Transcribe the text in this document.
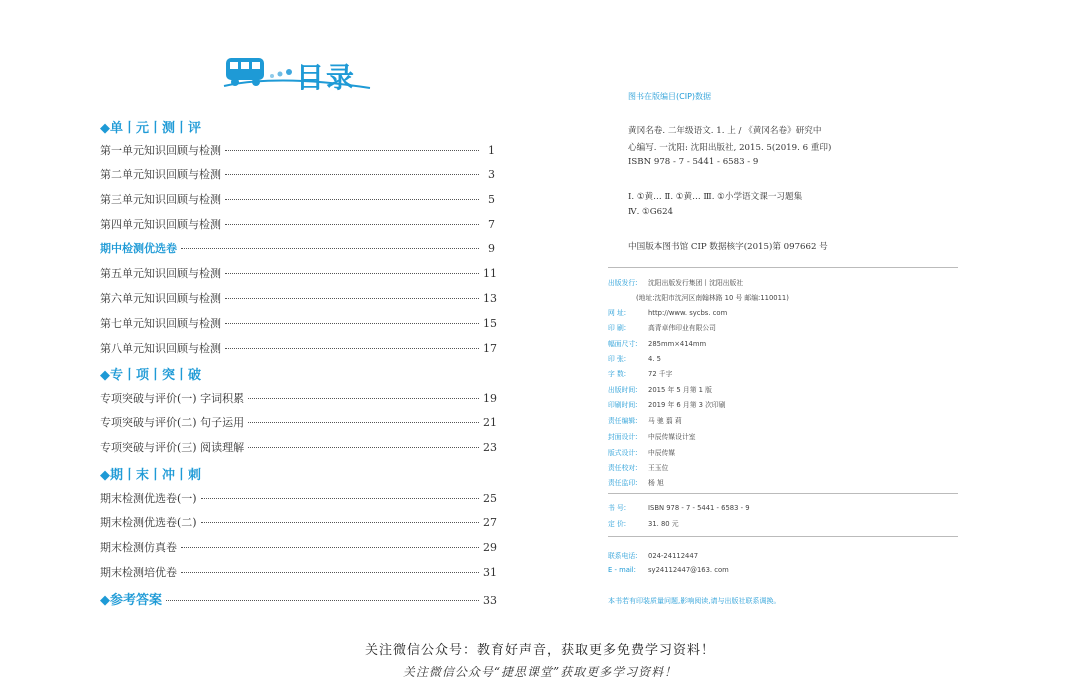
目录
◆单丨元丨测丨评
第一单元知识回顾与检测	1
第二单元知识回顾与检测	3
第三单元知识回顾与检测	5
第四单元知识回顾与检测	7
期中检测优选卷	9
第五单元知识回顾与检测	11
第六单元知识回顾与检测	13
第七单元知识回顾与检测	15
第八单元知识回顾与检测	17
◆专丨项丨突丨破
专项突破与评价(一) 字词积累	19
专项突破与评价(二) 句子运用	21
专项突破与评价(三) 阅读理解	23
◆期丨末丨冲丨刺
期末检测优选卷(一)	25
期末检测优选卷(二)	27
期末检测仿真卷	29
期末检测培优卷	31
◆参考答案	33
图书在版编目(CIP)数据
黄冈名卷. 二年级语文. 1. 上 / 《黄冈名卷》研究中
心编写. 一沈阳: 沈阳出版社, 2015. 5(2019. 6 重印)
ISBN 978 - 7 - 5441 - 6583 - 9
Ⅰ. ①黄… Ⅱ. ①黄… Ⅲ. ①小学语文课一习题集
Ⅳ. ①G624
中国版本图书馆 CIP 数据核字(2015)第 097662 号
出版发行: 沈阳出版发行集团丨沈阳出版社
(地址:沈阳市沈河区南翰林路 10 号 邮编:110011)
网 址:	http://www. sycbs. com
印 刷:	高青卓伟印业有限公司
幅面尺寸: 285mm×414mm
印 张:	4. 5
字 数:	72 千字
出版时间: 2015 年 5 月第 1 版
印刷时间: 2019 年 6 月第 3 次印刷
责任编辑: 马 驰 翦 莉
封面设计: 中辰传媒设计室
版式设计: 中辰传媒
责任校对: 王玉位
责任监印: 杨 旭
书 号:	ISBN 978 - 7 - 5441 - 6583 - 9
定 价:	31. 80 元
联系电话: 024-24112447
E - mail: sy24112447@163. com
本书若有印装质量问题,影响阅读,请与出版社联系调换。
关注微信公众号：教育好声音，获取更多免费学习资料！
关注微信公众号“捷思课堂”获取更多学习资料！
